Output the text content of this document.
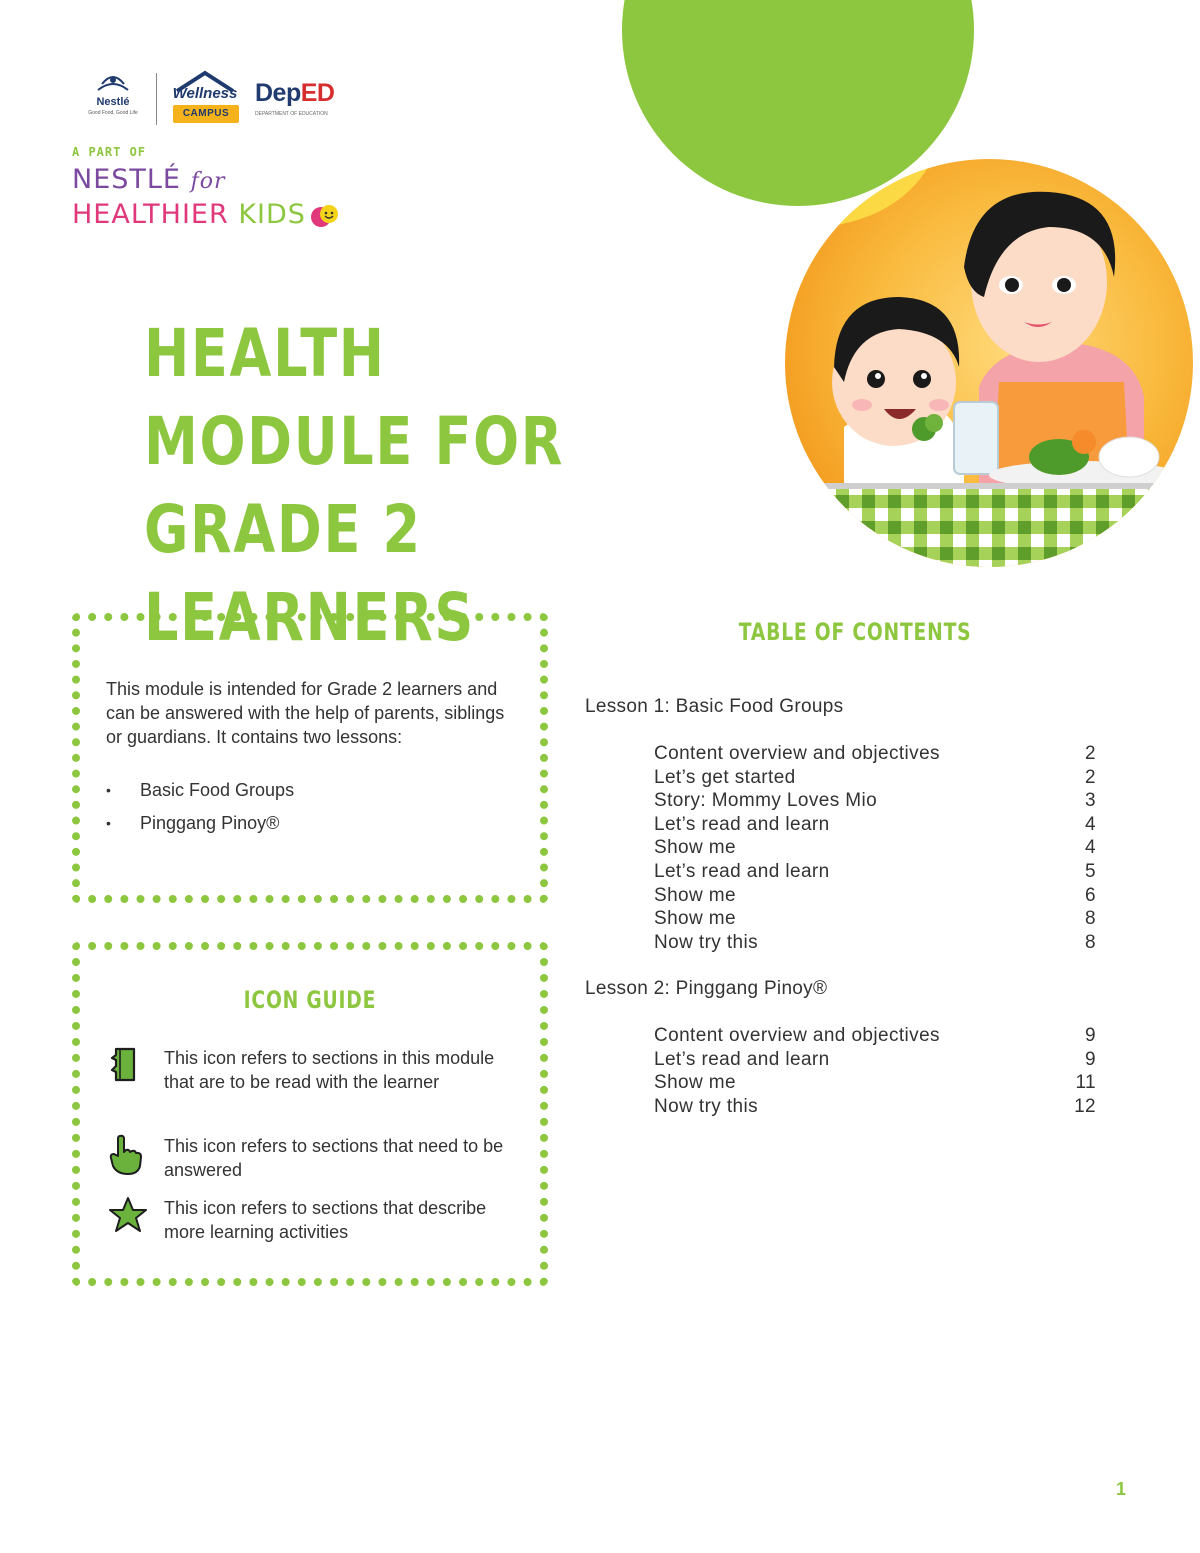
Nestlé
Good Food, Good Life
Wellness
CAMPUS
DepED
DEPARTMENT OF EDUCATION
A PART OF
NESTLÉ for
HEALTHIER KIDS
HEALTH MODULE FOR
GRADE 2 LEARNERS

This module is intended for Grade 2 learners and can be answered with the help of parents, siblings or guardians. It contains two lessons:

•	Basic Food Groups
•	Pinggang Pinoy®
ICON GUIDE

This icon refers to sections in this module that are to be read with the learner

This icon refers to sections that need to be answered

This icon refers to sections that describe more learning activities

TABLE OF CONTENTS
Lesson 1: Basic Food Groups
Content overview and objectives	2
Let’s get started	2
Story: Mommy Loves Mio	3
Let’s read and learn	4
Show me	4
Let’s read and learn	5
Show me	6
Show me	8
Now try this	8
Lesson 2: Pinggang Pinoy®
Content overview and objectives	9
Let’s read and learn	9
Show me	11
Now try this	12
1
